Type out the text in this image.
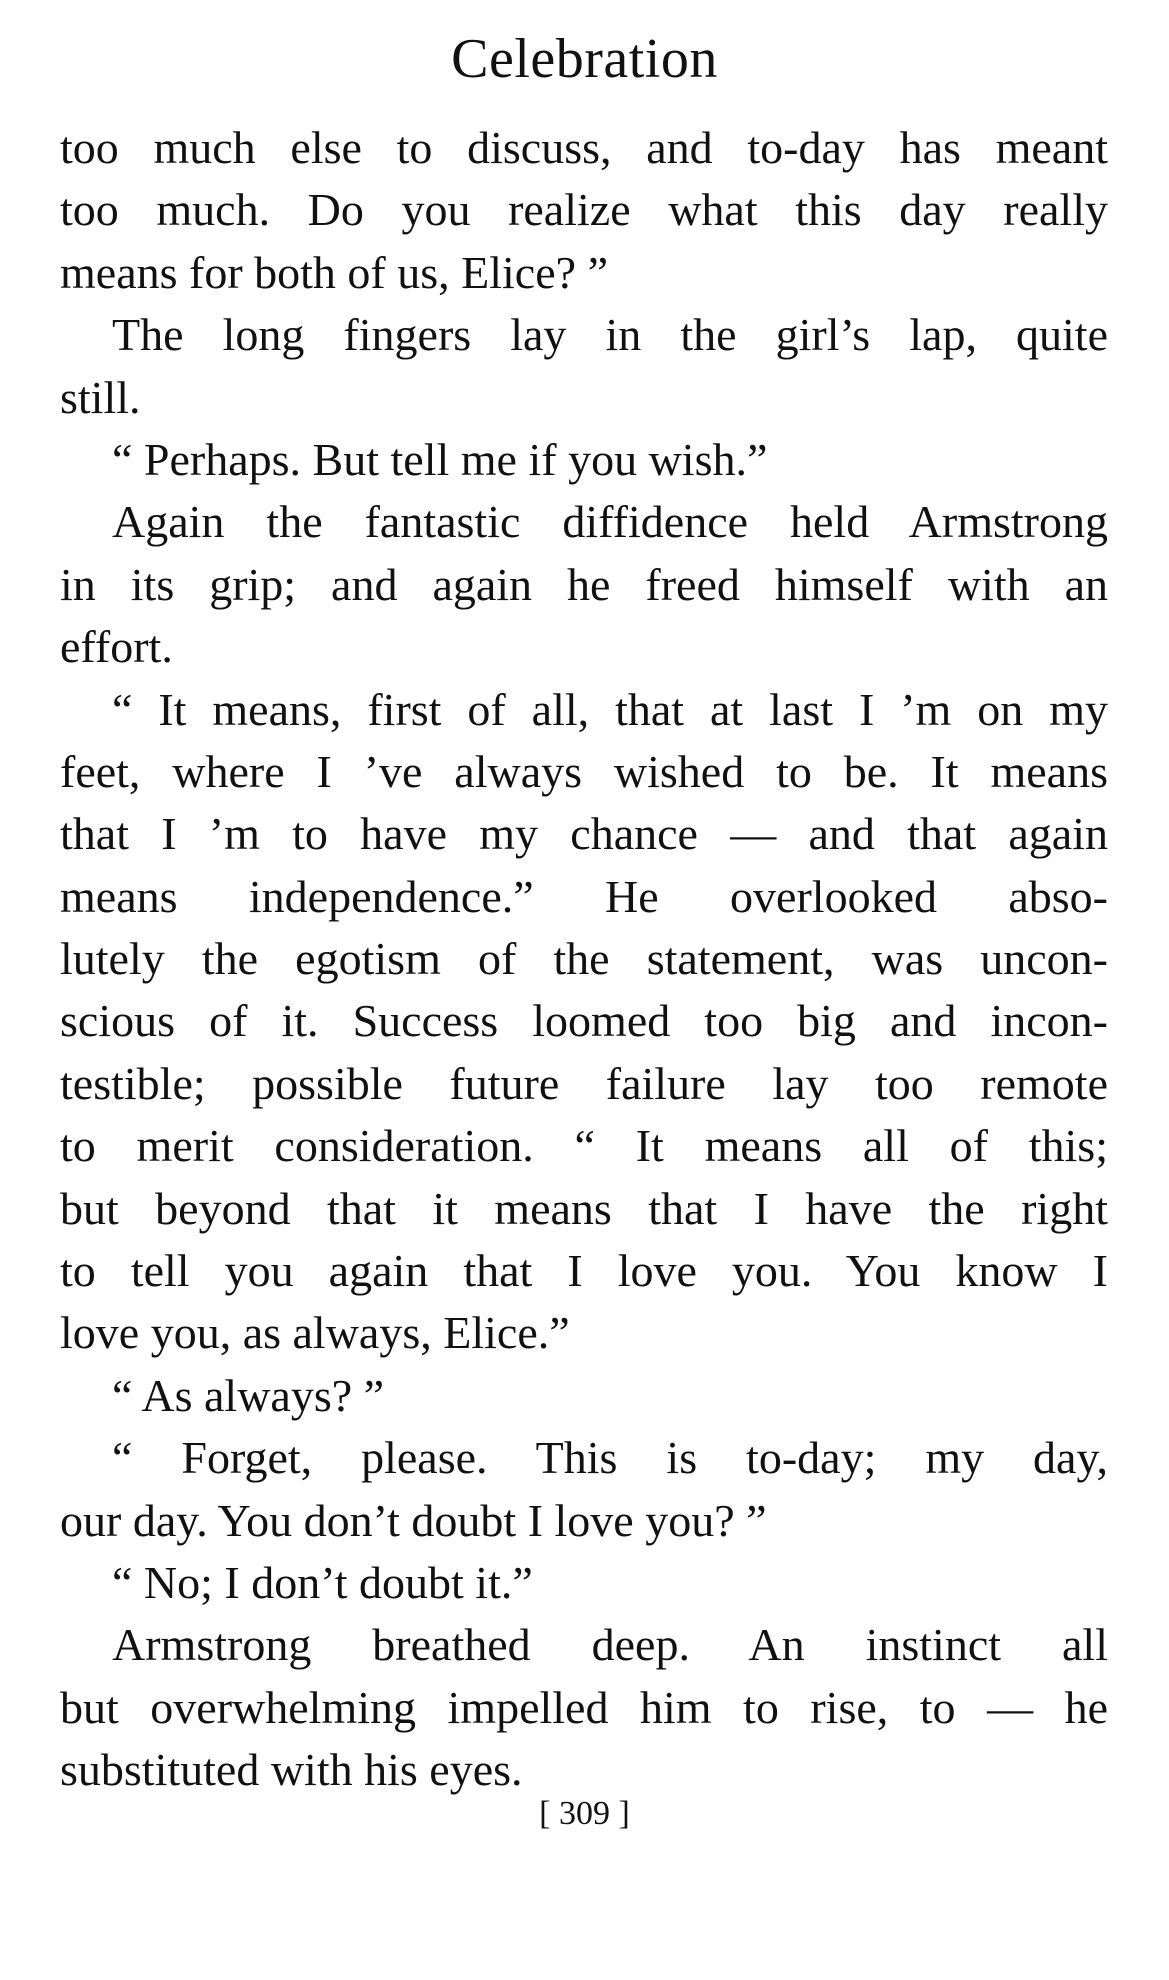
Celebration
too much else to discuss, and to-day has meant
too much. Do you realize what this day really
means for both of us, Elice? ”
The long fingers lay in the girl’s lap, quite
still.
“ Perhaps. But tell me if you wish.”
Again the fantastic diffidence held Armstrong
in its grip; and again he freed himself with an
effort.
“ It means, first of all, that at last I ’m on my
feet, where I ’ve always wished to be. It means
that I ’m to have my chance — and that again
means independence.” He overlooked abso-
lutely the egotism of the statement, was uncon-
scious of it. Success loomed too big and incon-
testible; possible future failure lay too remote
to merit consideration. “ It means all of this;
but beyond that it means that I have the right
to tell you again that I love you. You know I
love you, as always, Elice.”
“ As always? ”
“ Forget, please. This is to-day; my day,
our day. You don’t doubt I love you? ”
“ No; I don’t doubt it.”
Armstrong breathed deep. An instinct all
but overwhelming impelled him to rise, to — he
substituted with his eyes.
[ 309 ]
